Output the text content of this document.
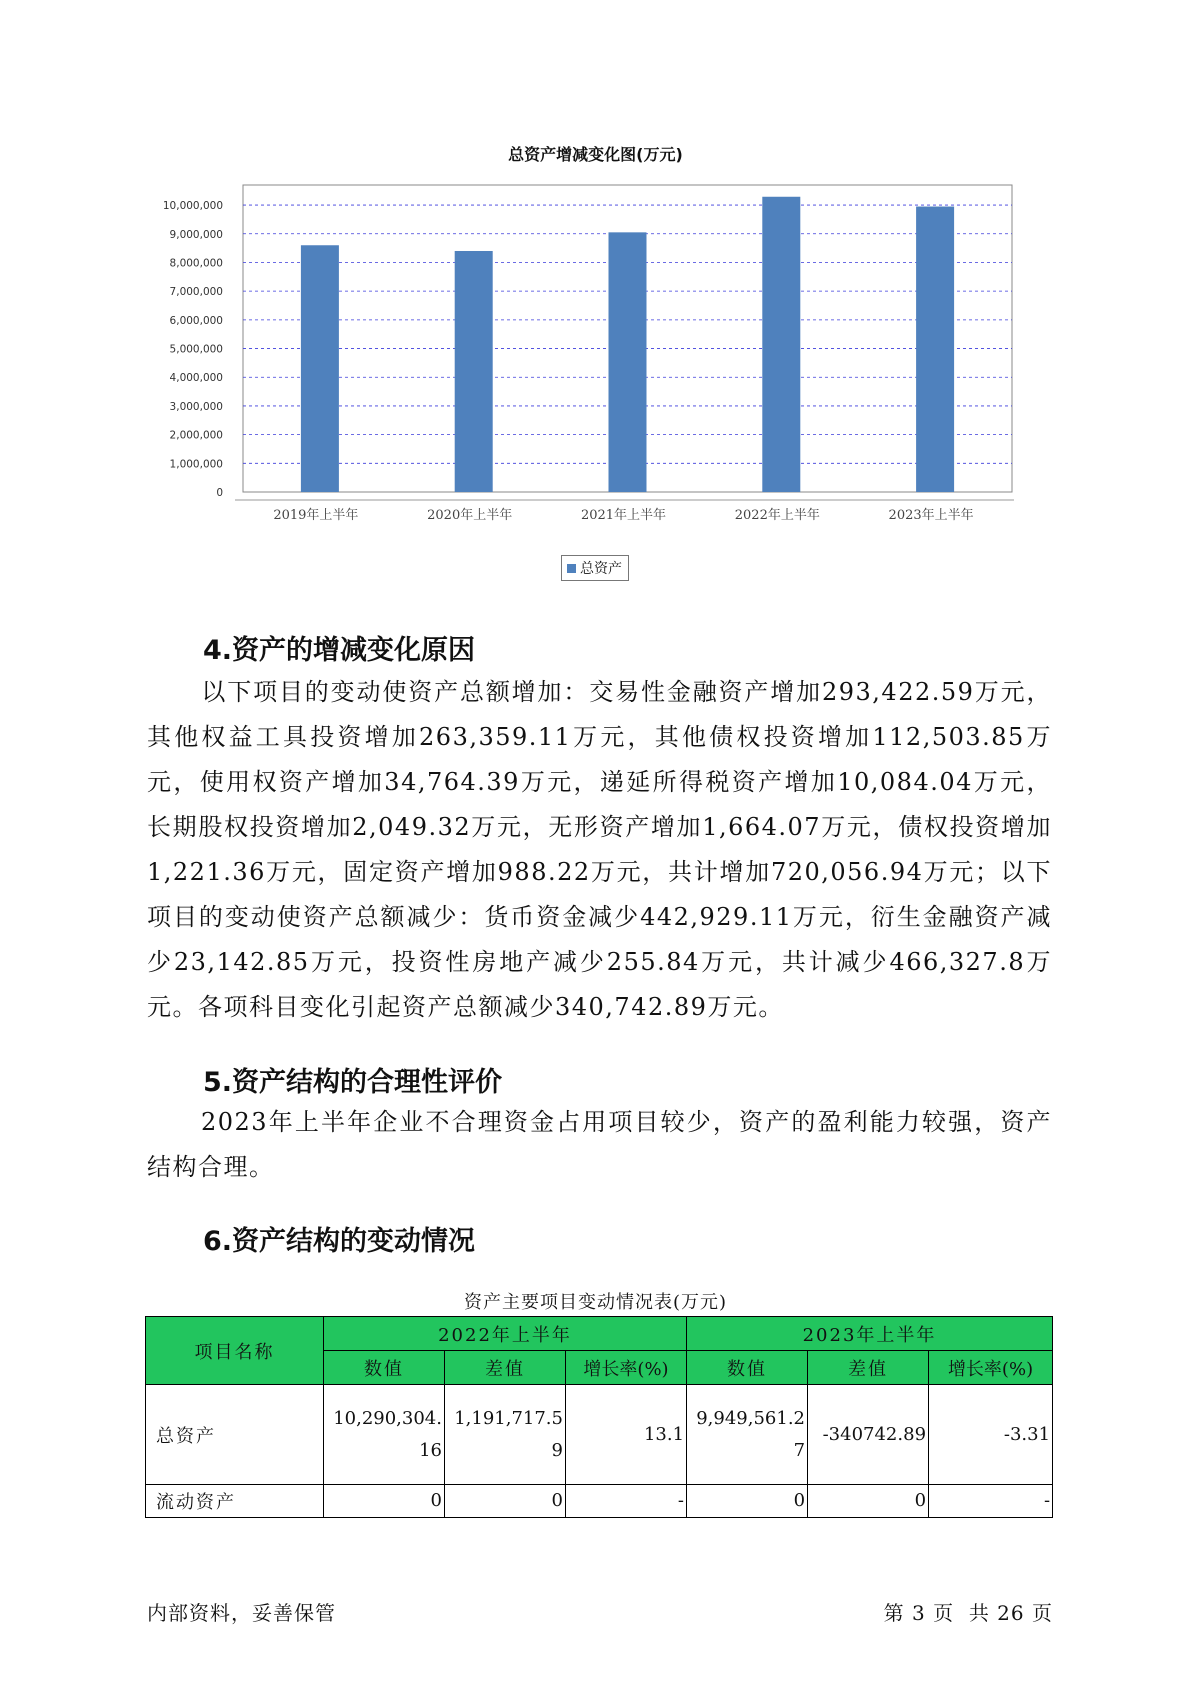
总资产增减变化图(万元)
0
1,000,000
2,000,000
3,000,000
4,000,000
5,000,000
6,000,000
7,000,000
8,000,000
9,000,000
10,000,000
2019年上半年	2020年上半年	2021年上半年	2022年上半年	2023年上半年
总资产
4.资产的增减变化原因
以下项目的变动使资产总额增加：交易性金融资产增加293,422.59万元，其他权益工具投资增加263,359.11万元，其他债权投资增加112,503.85万元，使用权资产增加34,764.39万元，递延所得税资产增加10,084.04万元，长期股权投资增加2,049.32万元，无形资产增加1,664.07万元，债权投资增加1,221.36万元，固定资产增加988.22万元，共计增加720,056.94万元；以下项目的变动使资产总额减少：货币资金减少442,929.11万元，衍生金融资产减少23,142.85万元，投资性房地产减少255.84万元，共计减少466,327.8万元。各项科目变化引起资产总额减少340,742.89万元。
5.资产结构的合理性评价
2023年上半年企业不合理资金占用项目较少，资产的盈利能力较强，资产结构合理。
6.资产结构的变动情况
资产主要项目变动情况表(万元)
项目名称	2022年上半年			2023年上半年		
	数值	差值	增长率(%)	数值	差值	增长率(%)
总资产	10,290,304.16	1,191,717.59	13.1	9,949,561.27	-340742.89	-3.31
流动资产	0	0	-	0	0	-
内部资料，妥善保管	第 3 页  共 26 页
